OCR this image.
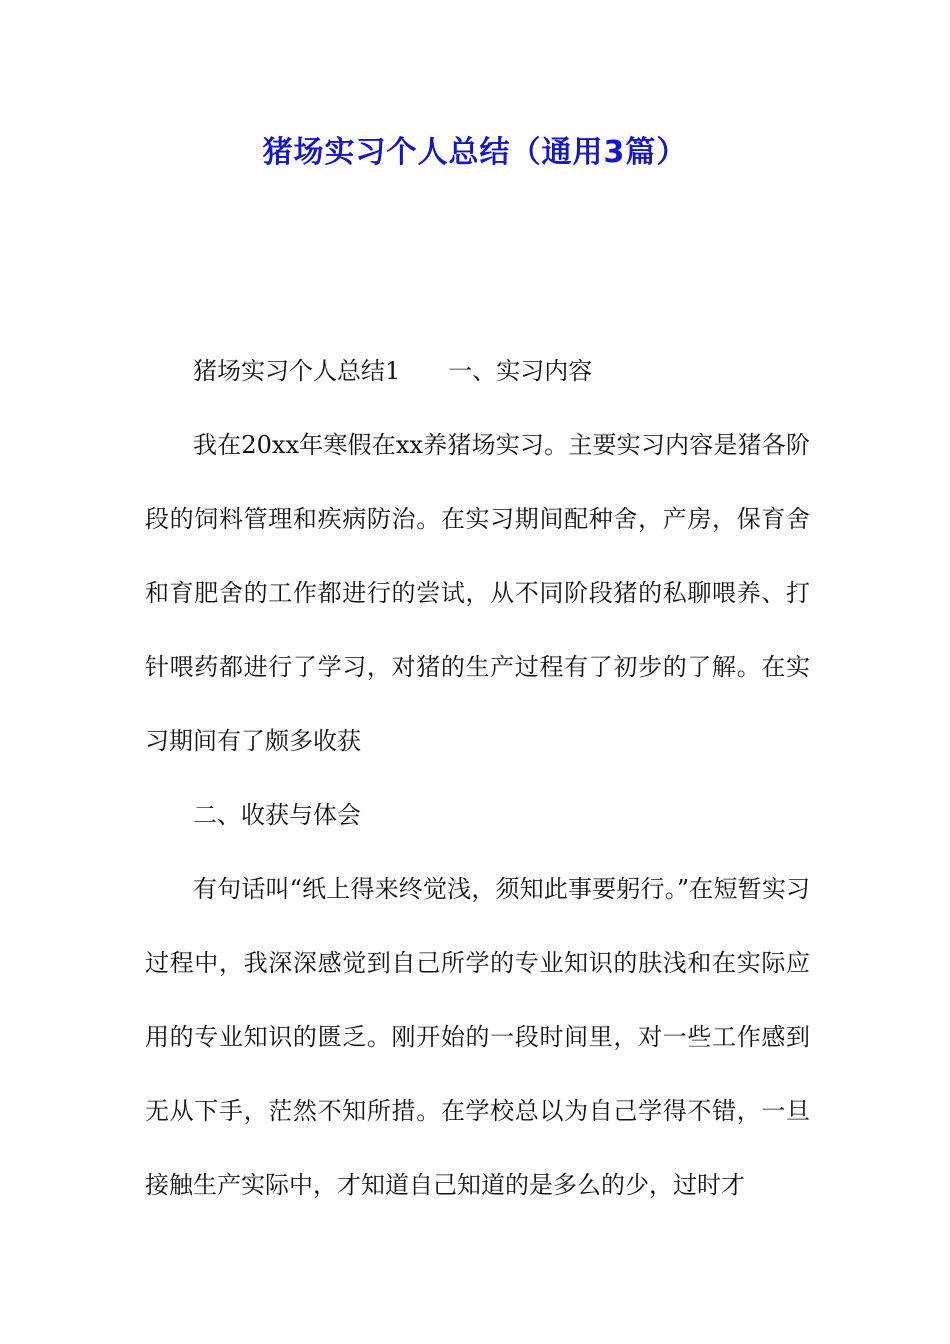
猪场实习个人总结（通用3篇）

猪场实习个人总结1 一、实习内容

我在20xx年寒假在xx养猪场实习。主要实习内容是猪各阶段的饲料管理和疾病防治。在实习期间配种舍，产房，保育舍和育肥舍的工作都进行的尝试，从不同阶段猪的私聊喂养、打针喂药都进行了学习，对猪的生产过程有了初步的了解。在实习期间有了颇多收获

二、收获与体会

有句话叫“纸上得来终觉浅，须知此事要躬行。”在短暂实习过程中，我深深感觉到自己所学的专业知识的肤浅和在实际应用的专业知识的匮乏。刚开始的一段时间里，对一些工作感到无从下手，茫然不知所措。在学校总以为自己学得不错，一旦接触生产实际中，才知道自己知道的是多么的少，过时才
